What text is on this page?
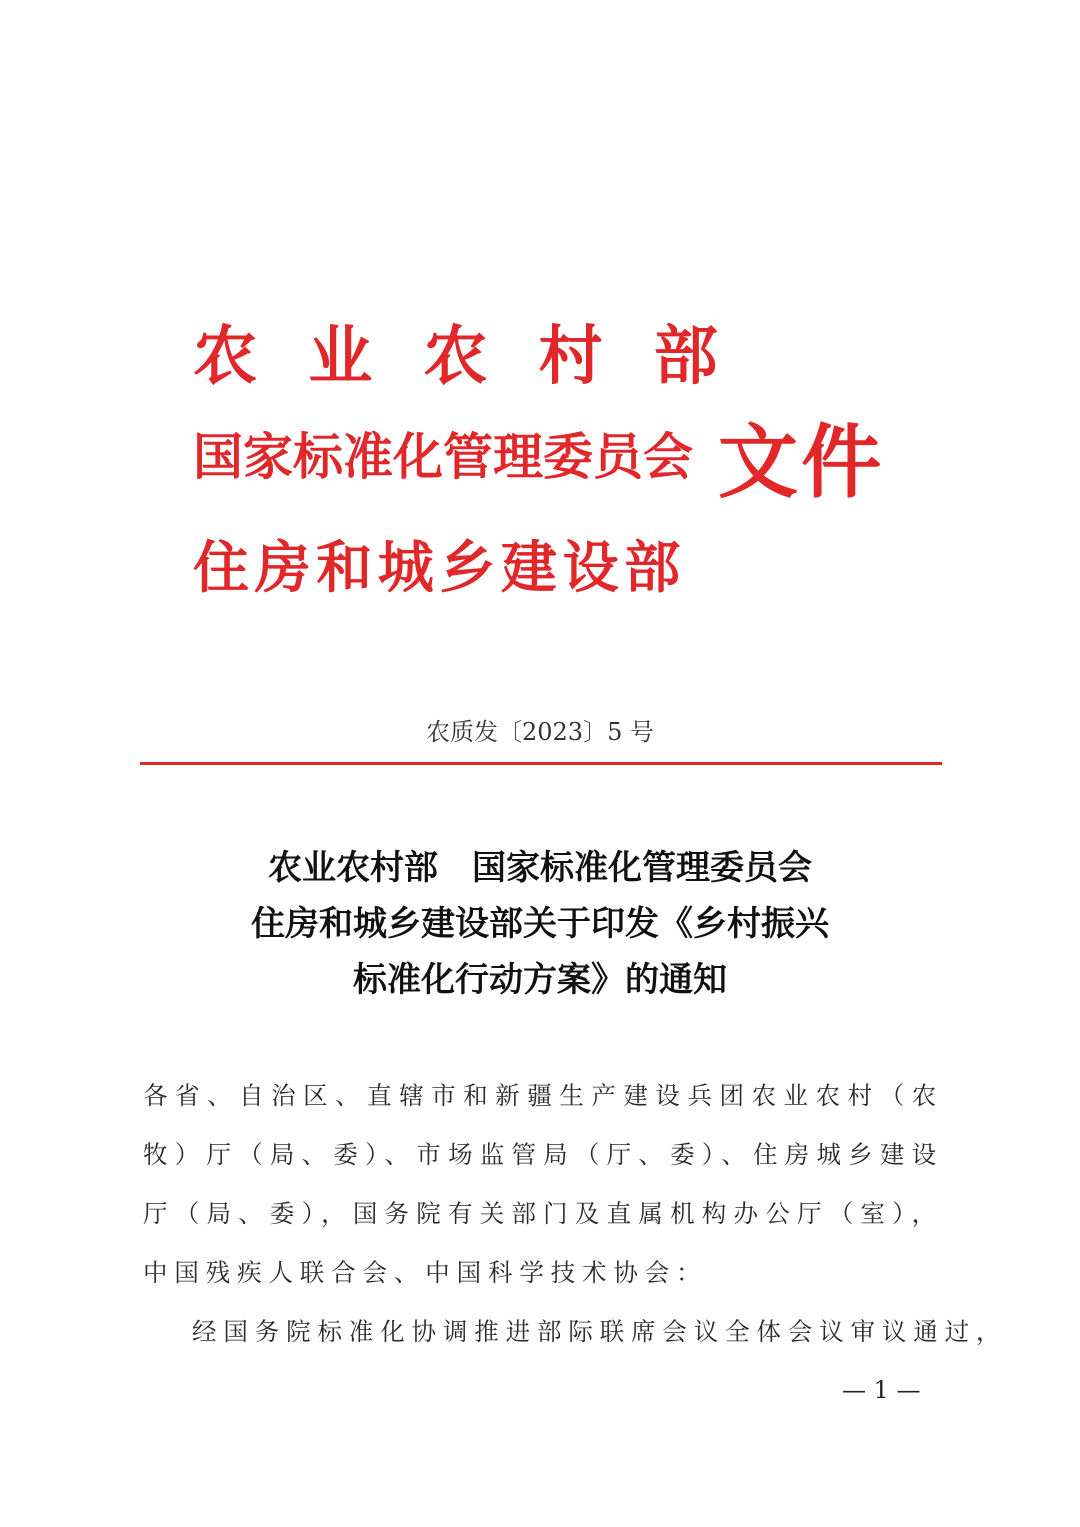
农业农村部
国家标准化管理委员会
住房和城乡建设部
文件
农质发〔2023〕5 号
农业农村部　国家标准化管理委员会
住房和城乡建设部关于印发《乡村振兴
标准化行动方案》的通知

各省、自治区、直辖市和新疆生产建设兵团农业农村（农牧）厅（局、委）、市场监管局（厅、委）、住房城乡建设厅（局、委），国务院有关部门及直属机构办公厅（室），中国残疾人联合会、中国科学技术协会：

经国务院标准化协调推进部际联席会议全体会议审议通过，

— 1 —
